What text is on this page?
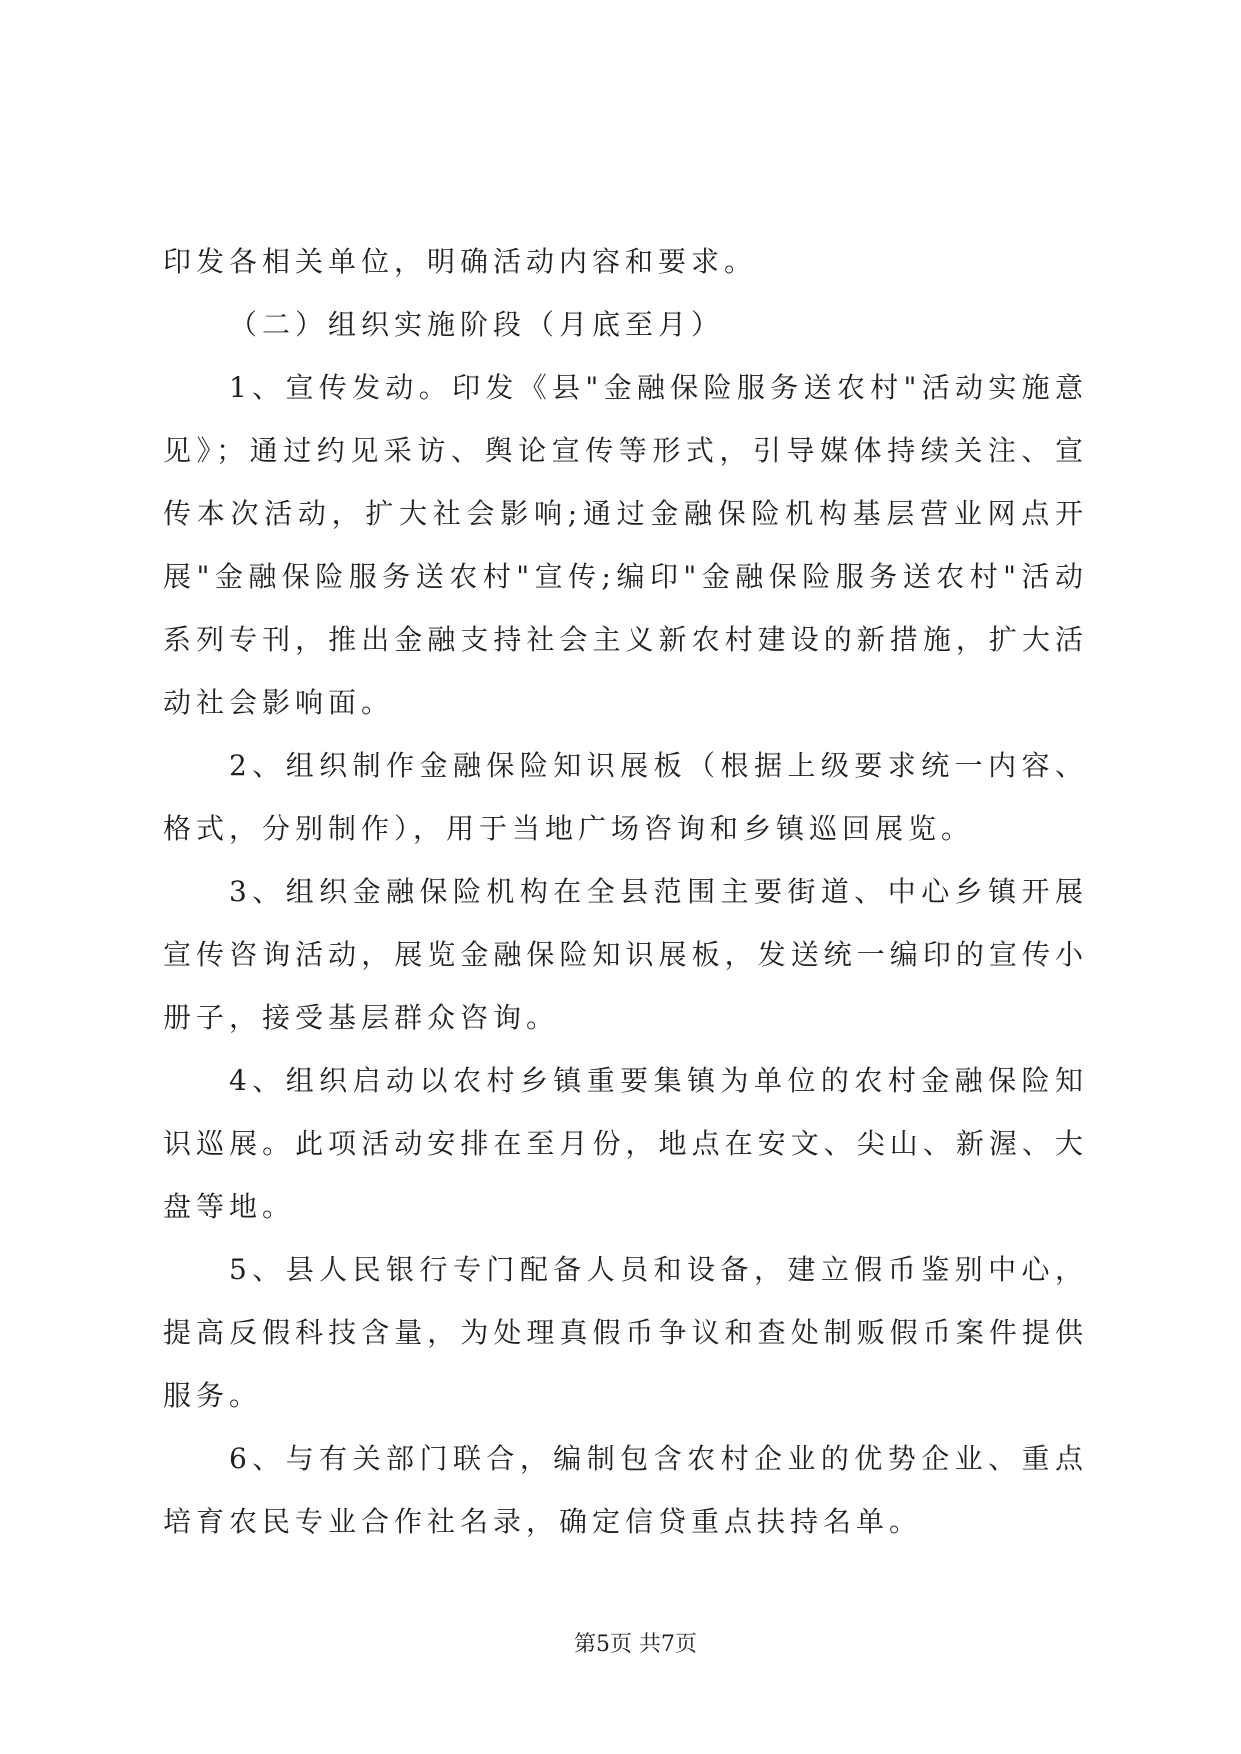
印发各相关单位，明确活动内容和要求。
（二）组织实施阶段（月底至月）
1、宣传发动。印发《县"金融保险服务送农村"活动实施意
见》；通过约见采访、舆论宣传等形式，引导媒体持续关注、宣
传本次活动，扩大社会影响;通过金融保险机构基层营业网点开
展"金融保险服务送农村"宣传;编印"金融保险服务送农村"活动
系列专刊，推出金融支持社会主义新农村建设的新措施，扩大活
动社会影响面。
2、组织制作金融保险知识展板（根据上级要求统一内容、
格式，分别制作），用于当地广场咨询和乡镇巡回展览。
3、组织金融保险机构在全县范围主要街道、中心乡镇开展
宣传咨询活动，展览金融保险知识展板，发送统一编印的宣传小
册子，接受基层群众咨询。
4、组织启动以农村乡镇重要集镇为单位的农村金融保险知
识巡展。此项活动安排在至月份，地点在安文、尖山、新渥、大
盘等地。
5、县人民银行专门配备人员和设备，建立假币鉴别中心，
提高反假科技含量，为处理真假币争议和查处制贩假币案件提供
服务。
6、与有关部门联合，编制包含农村企业的优势企业、重点
培育农民专业合作社名录，确定信贷重点扶持名单。
第5页 共7页
